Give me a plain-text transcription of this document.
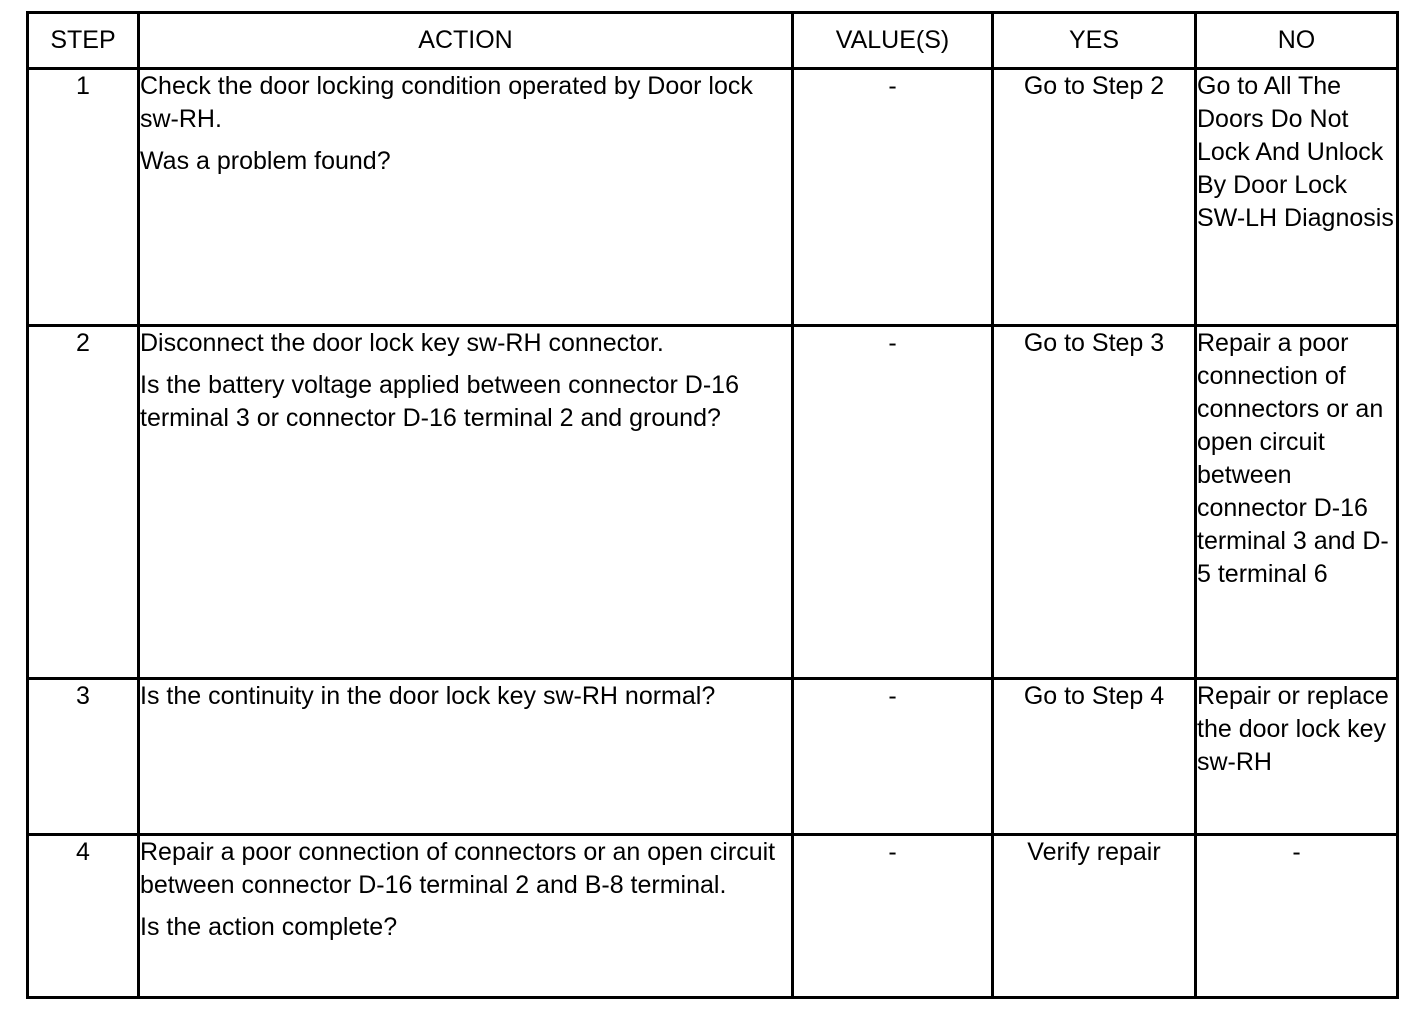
STEP	ACTION	VALUE(S)	YES	NO
1	Check the door locking condition operated by Door lock sw-RH.

Was a problem found?	-	Go to Step 2	Go to All The Doors Do Not Lock And Unlock By Door Lock SW-LH Diagnosis
2	Disconnect the door lock key sw-RH connector.

Is the battery voltage applied between connector D-16 terminal 3 or connector D-16 terminal 2 and ground?	-	Go to Step 3	Repair a poor connection of connectors or an open circuit between connector D-16 terminal 3 and D-5 terminal 6
3	Is the continuity in the door lock key sw-RH normal?	-	Go to Step 4	Repair or replace the door lock key sw-RH
4	Repair a poor connection of connectors or an open circuit between connector D-16 terminal 2 and B-8 terminal.

Is the action complete?	-	Verify repair	-
